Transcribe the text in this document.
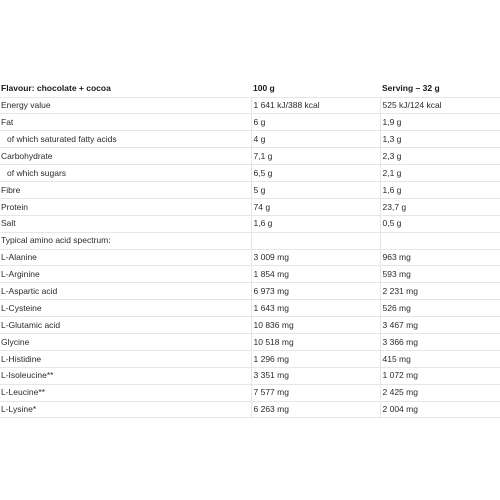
Flavour: chocolate + cocoa	100 g	Serving – 32 g
Energy value	1 641 kJ/388 kcal	525 kJ/124 kcal
Fat	6 g	1,9 g
of which saturated fatty acids	4 g	1,3 g
Carbohydrate	7,1 g	2,3 g
of which sugars	6,5 g	2,1 g
Fibre	5 g	1,6 g
Protein	74 g	23,7 g
Salt	1,6 g	0,5 g
Typical amino acid spectrum:		
L-Alanine	3 009 mg	963 mg
L-Arginine	1 854 mg	593 mg
L-Aspartic acid	6 973 mg	2 231 mg
L-Cysteine	1 643 mg	526 mg
L-Glutamic acid	10 836 mg	3 467 mg
Glycine	10 518 mg	3 366 mg
L-Histidine	1 296 mg	415 mg
L-Isoleucine**	3 351 mg	1 072 mg
L-Leucine**	7 577 mg	2 425 mg
L-Lysine*	6 263 mg	2 004 mg
